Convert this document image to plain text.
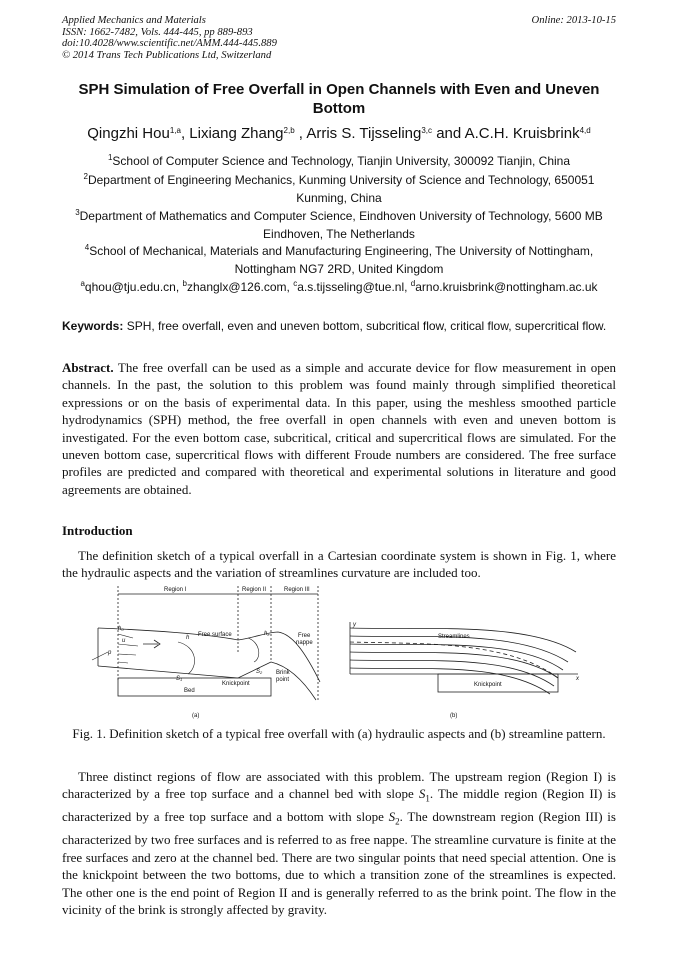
Applied Mechanics and Materials
ISSN: 1662-7482, Vols. 444-445, pp 889-893
doi:10.4028/www.scientific.net/AMM.444-445.889
© 2014 Trans Tech Publications Ltd, Switzerland
Online: 2013-10-15
SPH Simulation of Free Overfall in Open Channels with Even and Uneven Bottom
Qingzhi Hou$^{1,a}$, Lixiang Zhang$^{2,b}$ , Arris S. Tijsseling$^{3,c}$ and A.C.H. Kruisbrink$^{4,d}$
$^1$School of Computer Science and Technology, Tianjin University, 300092 Tianjin, China
$^2$Department of Engineering Mechanics, Kunming University of Science and Technology, 650051 Kunming, China
$^3$Department of Mathematics and Computer Science, Eindhoven University of Technology, 5600 MB Eindhoven, The Netherlands
$^4$School of Mechanical, Materials and Manufacturing Engineering, The University of Nottingham, Nottingham NG7 2RD, United Kingdom
$^a$qhou@tju.edu.cn, $^b$zhanglx@126.com, $^c$a.s.tijsseling@tue.nl, $^d$arno.kruisbrink@nottingham.ac.uk
Keywords: SPH, free overfall, even and uneven bottom, subcritical flow, critical flow, supercritical flow.
Abstract. The free overfall can be used as a simple and accurate device for flow measurement in open channels. In the past, the solution to this problem was found mainly through simplified theoretical expressions or on the basis of experimental data. In this paper, using the meshless smoothed particle hydrodynamics (SPH) method, the free overfall in open channels with even and uneven bottom is investigated. For the even bottom case, subcritical, critical and supercritical flows are simulated. For the uneven bottom case, supercritical flows with different Froude numbers are considered. The free surface profiles are predicted and compared with theoretical and experimental solutions in literature and good agreements are obtained.
Introduction
The definition sketch of a typical overfall in a Cartesian coordinate system is shown in Fig. 1, where the hydraulic aspects and the variation of streamlines curvature are included too.
Region I	Region II	Region III
Free surface	Free
nappe
Bed
Knickpoint
Brink
point
S1
S2
h0
h
he
u
p
(a)
Streamlines
Knickpoint
y
x
(b)
Fig. 1. Definition sketch of a typical free overfall with (a) hydraulic aspects and (b) streamline pattern.
Three distinct regions of flow are associated with this problem. The upstream region (Region I) is characterized by a free top surface and a channel bed with slope $S_1$. The middle region (Region II) is characterized by a free top surface and a bottom with slope $S_2$. The downstream region (Region III) is characterized by two free surfaces and is referred to as free nappe. The streamline curvature is finite at the free surfaces and zero at the channel bed. There are two singular points that need special attention. One is the knickpoint between the two bottoms, due to which a transition zone of the streamlines is expected. The other one is the end point of Region II and is generally referred to as the brink point. The flow in the vicinity of the brink is strongly affected by gravity.
